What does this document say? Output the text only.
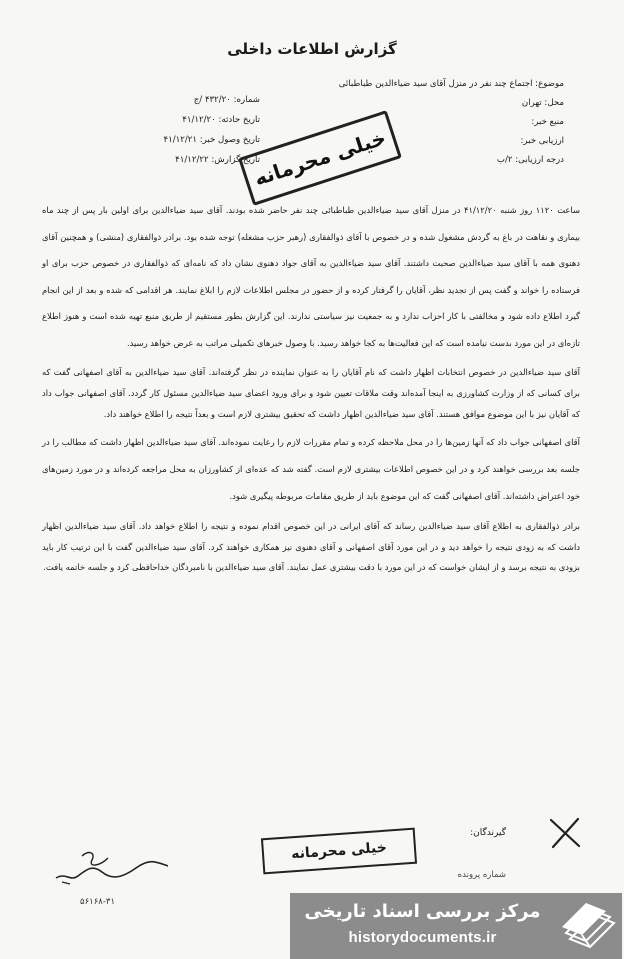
گزارش اطلاعات داخلی
موضوع: اجتماع چند نفر در منزل آقای سید ضیاءالدین طباطبائی
محل: تهران
منبع خبر:
ارزیابی خبر:
درجه ارزیابی: ۲/ب
شماره: ۴۳۲/۲۰ /ج
تاریخ حادثه: ۴۱/۱۲/۲۰
تاریخ وصول خبر: ۴۱/۱۲/۲۱
تاریخ گزارش: ۴۱/۱۲/۲۲
خیلی محرمانه

ساعت ۱۱۲۰ روز شنبه ۴۱/۱۲/۲۰ در منزل آقای سید ضیاءالدین طباطبائی چند نفر حاضر شده بودند. آقای سید ضیاءالدین برای اولین بار پس از چند ماه بیماری و نقاهت در باغ به گردش مشغول شده و در خصوص با آقای ذوالفقاری (رهبر حزب مشغله) توجه شده بود. برادر ذوالفقاری (منشی) و همچنین آقای دهنوی همه با آقای سید ضیاءالدین صحبت داشتند. آقای سید ضیاءالدین به آقای جواد دهنوی نشان داد که نامه‌ای که ذوالفقاری در خصوص حزب برای او فرستاده را خواند و گفت پس از تجدید نظر، آقایان را گرفتار کرده و از حضور در مجلس اطلاعات لازم را ابلاغ نمایند. هر اقدامی که شده و بعد از این انجام گیرد اطلاع داده شود و مخالفتی با کار احزاب ندارد و به جمعیت نیز سیاستی ندارند. این گزارش بطور مستقیم از طریق منبع تهیه شده است و هنوز اطلاع تازه‌ای در این مورد بدست نیامده است که این فعالیت‌ها به کجا خواهد رسید. با وصول خبرهای تکمیلی مراتب به عرض خواهد رسید.

آقای سید ضیاءالدین در خصوص انتخابات اظهار داشت که نام آقایان را به عنوان نماینده در نظر گرفته‌اند. آقای سید ضیاءالدین به آقای اصفهانی گفت که برای کسانی که از وزارت کشاورزی به اینجا آمده‌اند وقت ملاقات تعیین شود و برای ورود اعضای سید ضیاءالدین مسئول کار گردد. آقای اصفهانی جواب داد که آقایان نیز با این موضوع موافق هستند. آقای سید ضیاءالدین اظهار داشت که تحقیق بیشتری لازم است و بعداً نتیجه را اطلاع خواهند داد.

آقای اصفهانی جواب داد که آنها زمین‌ها را در محل ملاحظه کرده و تمام مقررات لازم را رعایت نموده‌اند. آقای سید ضیاءالدین اظهار داشت که مطالب را در جلسه بعد بررسی خواهند کرد و در این خصوص اطلاعات بیشتری لازم است. گفته شد که عده‌ای از کشاورزان به محل مراجعه کرده‌اند و در مورد زمین‌های خود اعتراض داشته‌اند. آقای اصفهانی گفت که این موضوع باید از طریق مقامات مربوطه پیگیری شود.

برادر ذوالفقاری به اطلاع آقای سید ضیاءالدین رساند که آقای ایرانی در این خصوص اقدام نموده و نتیجه را اطلاع خواهد داد. آقای سید ضیاءالدین اظهار داشت که به زودی نتیجه را خواهد دید و در این مورد آقای اصفهانی و آقای دهنوی نیز همکاری خواهند کرد. آقای سید ضیاءالدین گفت با این ترتیب کار باید بزودی به نتیجه برسد و از ایشان خواست که در این مورد با دقت بیشتری عمل نمایند. آقای سید ضیاءالدین با نامبردگان خداحافظی کرد و جلسه خاتمه یافت.

گیرندگان:
شماره پرونده
خیلی محرمانه
۵۶۱۶۸-۳۱	مرکز بررسی اسناد تاریخی
historydocuments.ir
